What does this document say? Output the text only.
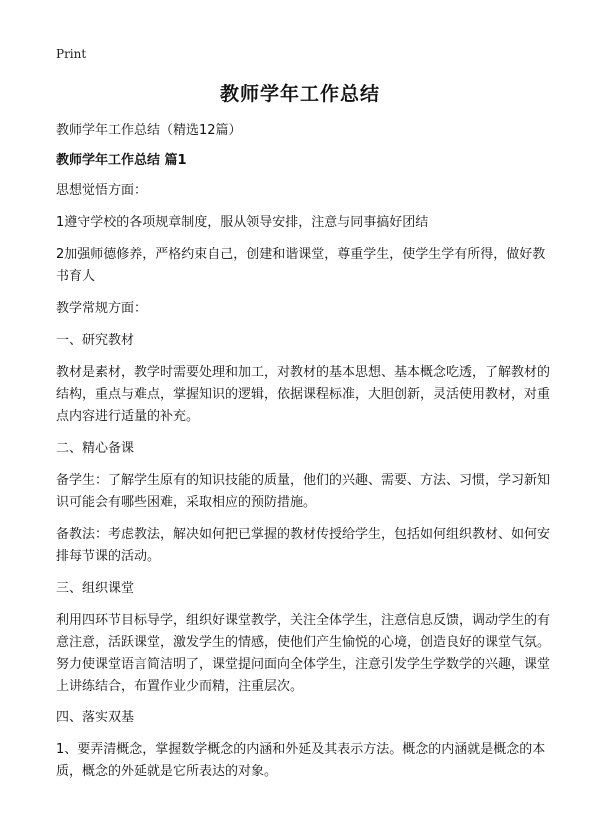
Print
教师学年工作总结

教师学年工作总结（精选12篇）

教师学年工作总结 篇1

思想觉悟方面：

1遵守学校的各项规章制度，服从领导安排，注意与同事搞好团结

2加强师德修养，严格约束自己，创建和谐课堂，尊重学生，使学生学有所得，做好教书育人

教学常规方面：

一、研究教材

教材是素材，教学时需要处理和加工，对教材的基本思想、基本概念吃透，了解教材的结构，重点与难点，掌握知识的逻辑，依据课程标准，大胆创新，灵活使用教材，对重点内容进行适量的补充。

二、精心备课

备学生：了解学生原有的知识技能的质量，他们的兴趣、需要、方法、习惯，学习新知识可能会有哪些困难，采取相应的预防措施。

备教法：考虑教法，解决如何把已掌握的教材传授给学生，包括如何组织教材、如何安排每节课的活动。

三、组织课堂

利用四环节目标导学，组织好课堂教学，关注全体学生，注意信息反馈，调动学生的有意注意，活跃课堂，激发学生的情感，使他们产生愉悦的心境，创造良好的课堂气氛。努力使课堂语言简洁明了，课堂提问面向全体学生，注意引发学生学数学的兴趣，课堂上讲练结合，布置作业少而精，注重层次。

四、落实双基

1、要弄清概念，掌握数学概念的内涵和外延及其表示方法。概念的内涵就是概念的本质，概念的外延就是它所表达的对象。
